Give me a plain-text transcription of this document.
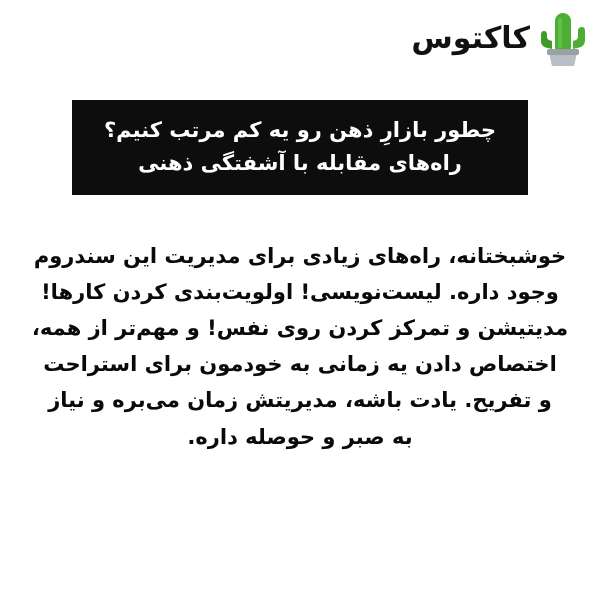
کاکتوس
چطور بازارِ ذهن رو یه کم مرتب کنیم؟
راه‌های مقابله با آشفتگی ذهنی
خوشبختانه، راه‌های زیادی برای مدیریت این سندروم
وجود داره. لیست‌نویسی! اولویت‌بندی کردن کارها!
مدیتیشن و تمرکز کردن روی نفس! و مهم‌تر از همه،
اختصاص دادن یه زمانی به خودمون برای استراحت
و تفریح. یادت باشه، مدیریتش زمان می‌بره و نیاز
به صبر و حوصله داره.
